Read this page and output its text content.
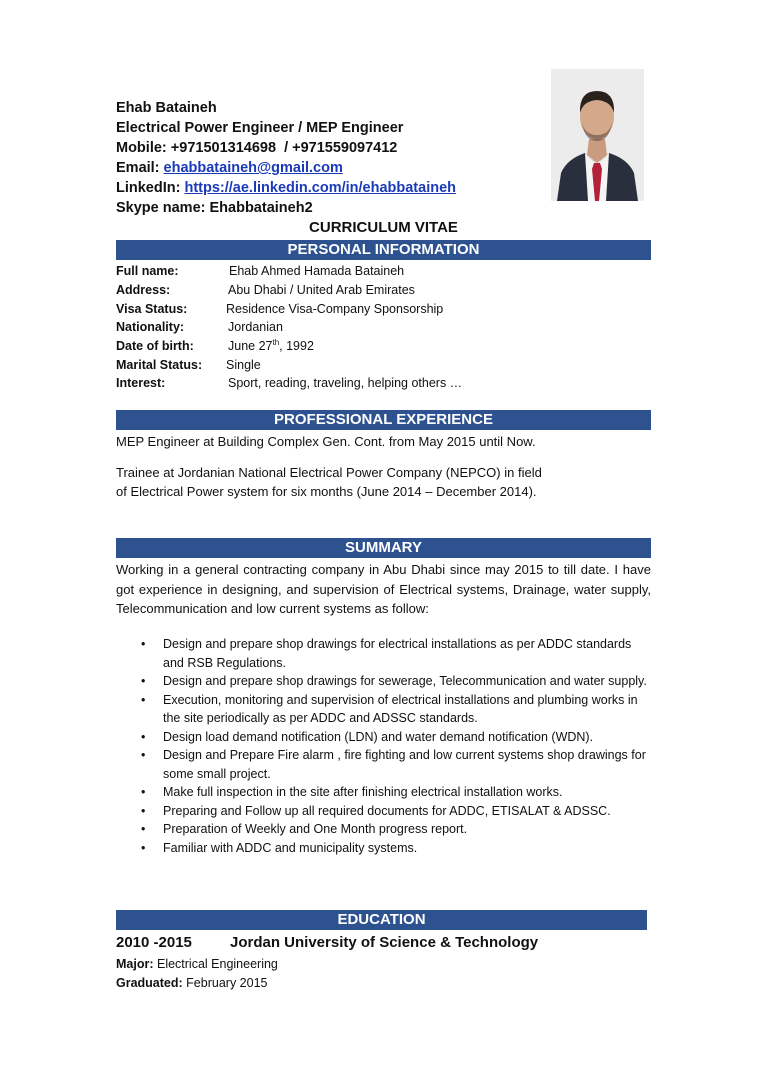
Ehab Bataineh
Electrical Power Engineer / MEP Engineer
Mobile: +971501314698  / +971559097412
Email: ehabbataineh@gmail.com
LinkedIn: https://ae.linkedin.com/in/ehabbataineh
Skype name: Ehabbataineh2
CURRICULUM VITAE
PERSONAL INFORMATION
Full name:	Ehab Ahmed Hamada Bataineh
Address:	Abu Dhabi / United Arab Emirates
Visa Status:	Residence Visa-Company Sponsorship
Nationality:	Jordanian
Date of birth:	June 27th, 1992
Marital Status: Single
Interest:	Sport, reading, traveling, helping others …
PROFESSIONAL EXPERIENCE
MEP Engineer at Building Complex Gen. Cont. from May 2015 until Now.
Trainee at Jordanian National Electrical Power Company (NEPCO) in field
of Electrical Power system for six months (June 2014 – December 2014).
SUMMARY
Working in a general contracting company in Abu Dhabi since may 2015 to till date. I have got experience in designing, and supervision of Electrical systems, Drainage, water supply, Telecommunication and low current systems as follow:
• Design and prepare shop drawings for electrical installations as per ADDC standards and RSB Regulations.
• Design and prepare shop drawings for sewerage, Telecommunication and water supply.
• Execution, monitoring and supervision of electrical installations and plumbing works in the site periodically as per ADDC and ADSSC standards.
• Design load demand notification (LDN) and water demand notification (WDN).
• Design and Prepare Fire alarm , fire fighting and low current systems shop drawings for some small project.
• Make full inspection in the site after finishing electrical installation works.
• Preparing and Follow up all required documents for ADDC, ETISALAT & ADSSC.
• Preparation of Weekly and One Month progress report.
• Familiar with ADDC and municipality systems.
EDUCATION
2010 -2015	Jordan University of Science & Technology
Major: Electrical Engineering
Graduated: February 2015
